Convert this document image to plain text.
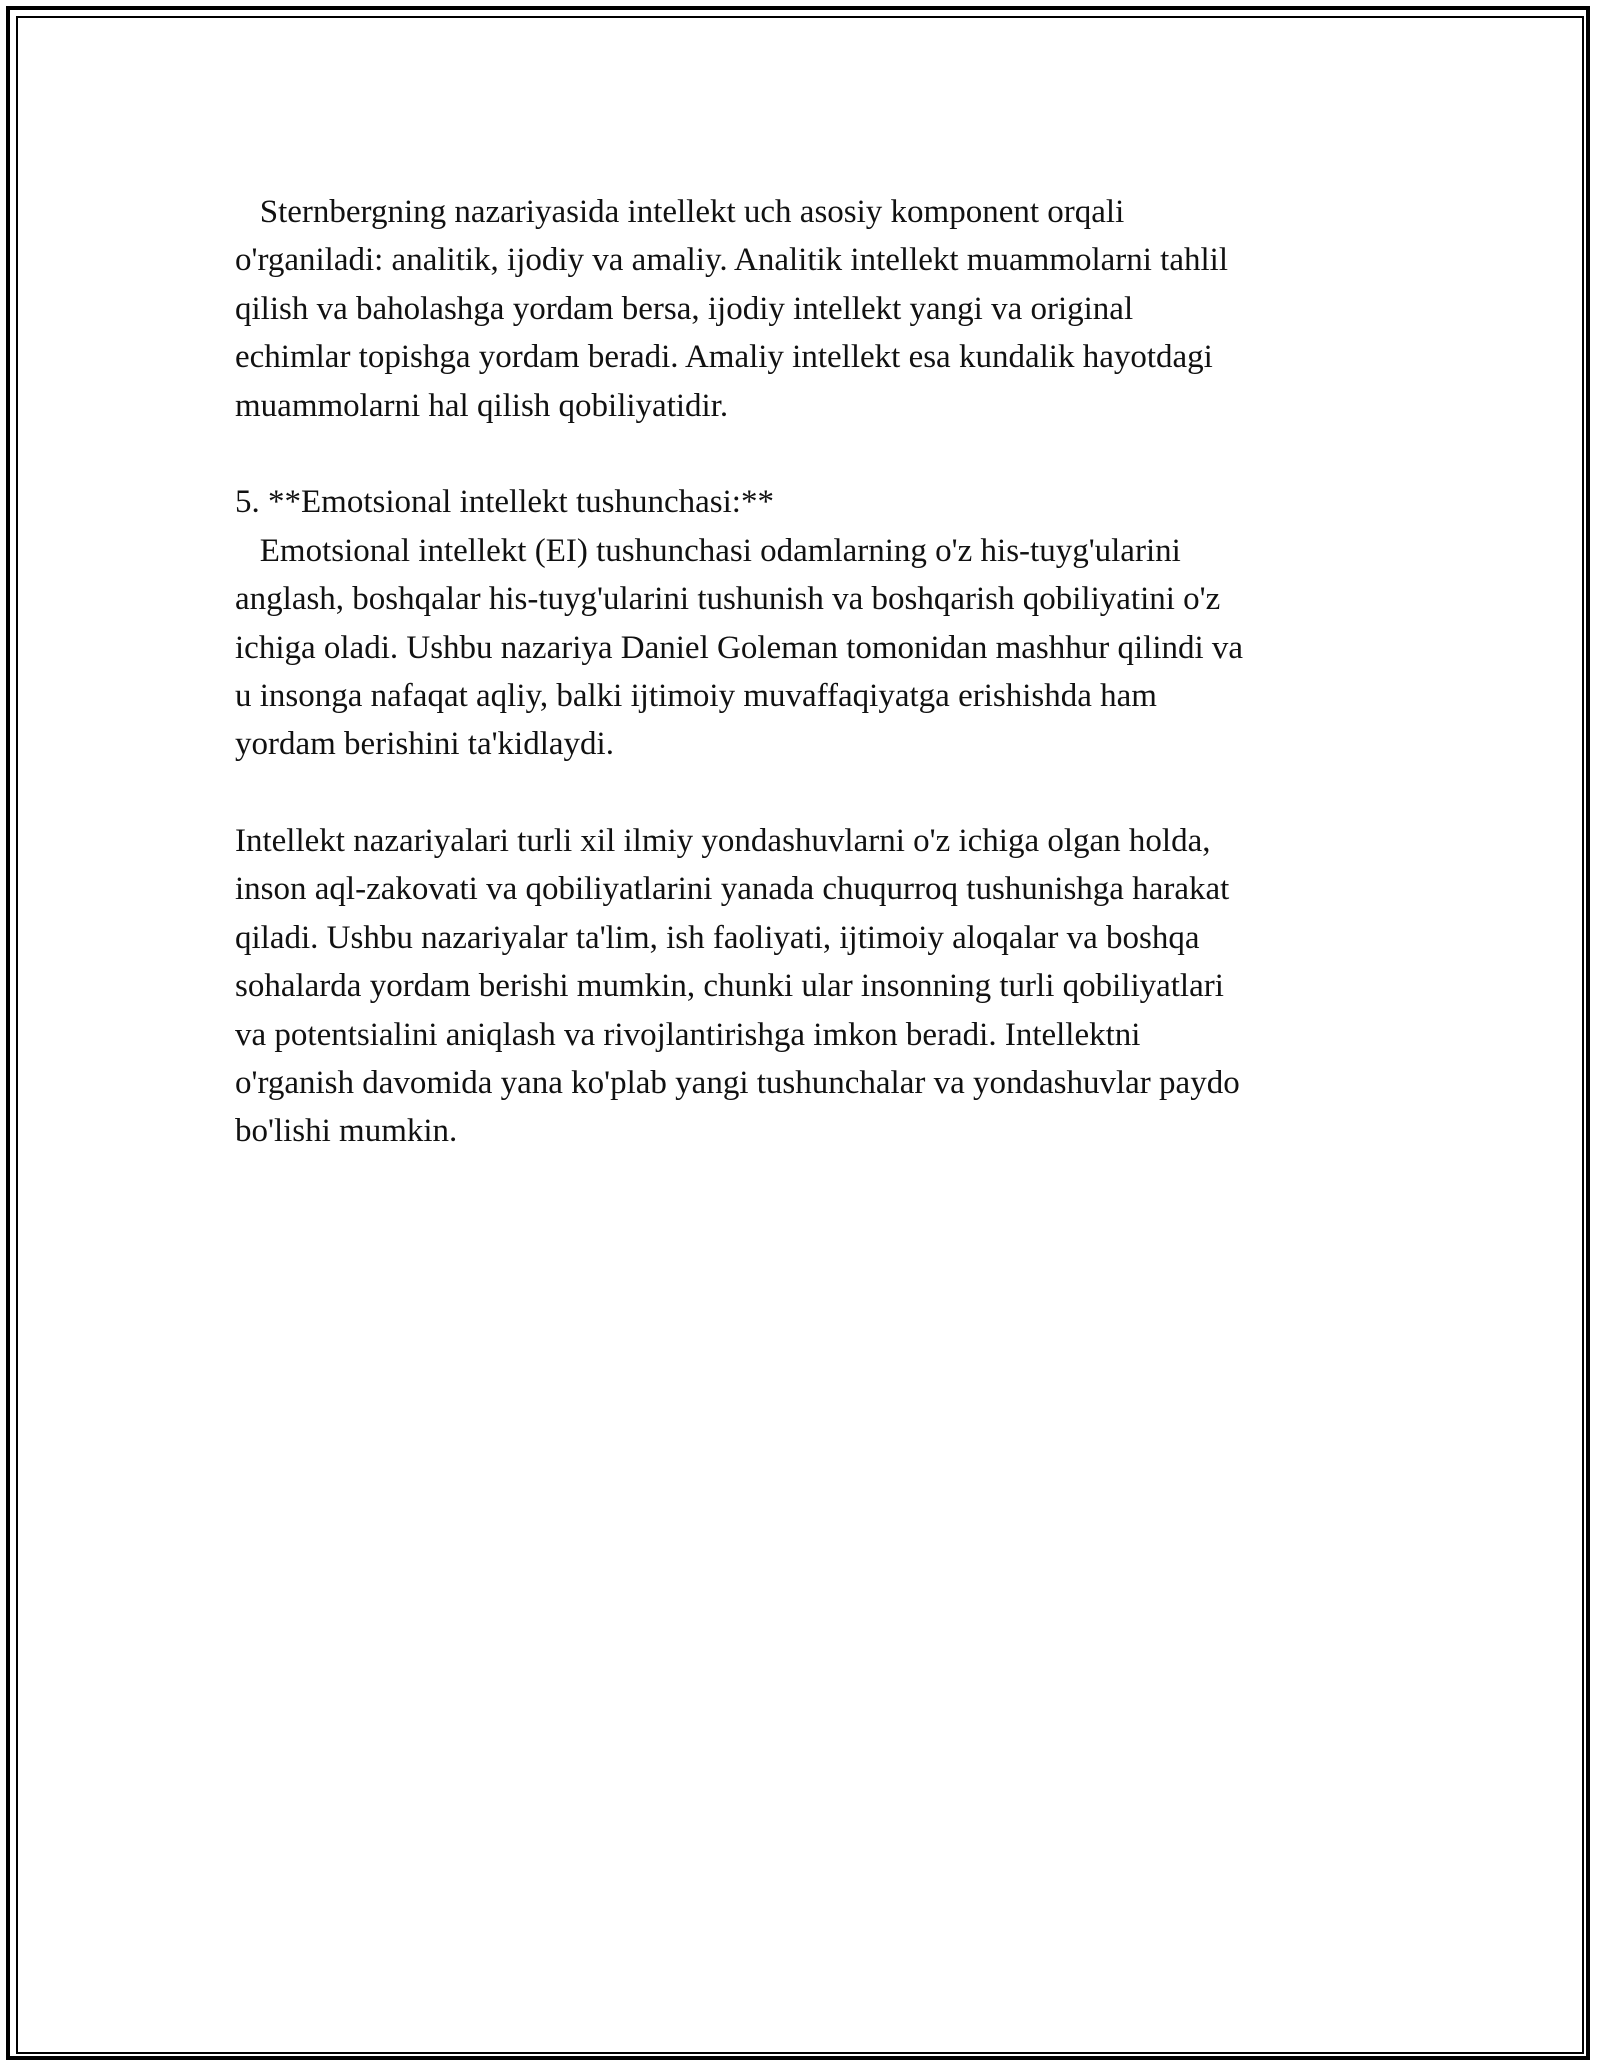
Sternbergning nazariyasida intellekt uch asosiy komponent orqali
o'rganiladi: analitik, ijodiy va amaliy. Analitik intellekt muammolarni tahlil
qilish va baholashga yordam bersa, ijodiy intellekt yangi va original
echimlar topishga yordam beradi. Amaliy intellekt esa kundalik hayotdagi
muammolarni hal qilish qobiliyatidir.
5. **Emotsional intellekt tushunchasi:**
Emotsional intellekt (EI) tushunchasi odamlarning o'z his-tuyg'ularini
anglash, boshqalar his-tuyg'ularini tushunish va boshqarish qobiliyatini o'z
ichiga oladi. Ushbu nazariya Daniel Goleman tomonidan mashhur qilindi va
u insonga nafaqat aqliy, balki ijtimoiy muvaffaqiyatga erishishda ham
yordam berishini ta'kidlaydi.
Intellekt nazariyalari turli xil ilmiy yondashuvlarni o'z ichiga olgan holda,
inson aql-zakovati va qobiliyatlarini yanada chuqurroq tushunishga harakat
qiladi. Ushbu nazariyalar ta'lim, ish faoliyati, ijtimoiy aloqalar va boshqa
sohalarda yordam berishi mumkin, chunki ular insonning turli qobiliyatlari
va potentsialini aniqlash va rivojlantirishga imkon beradi. Intellektni
o'rganish davomida yana ko'plab yangi tushunchalar va yondashuvlar paydo
bo'lishi mumkin.
